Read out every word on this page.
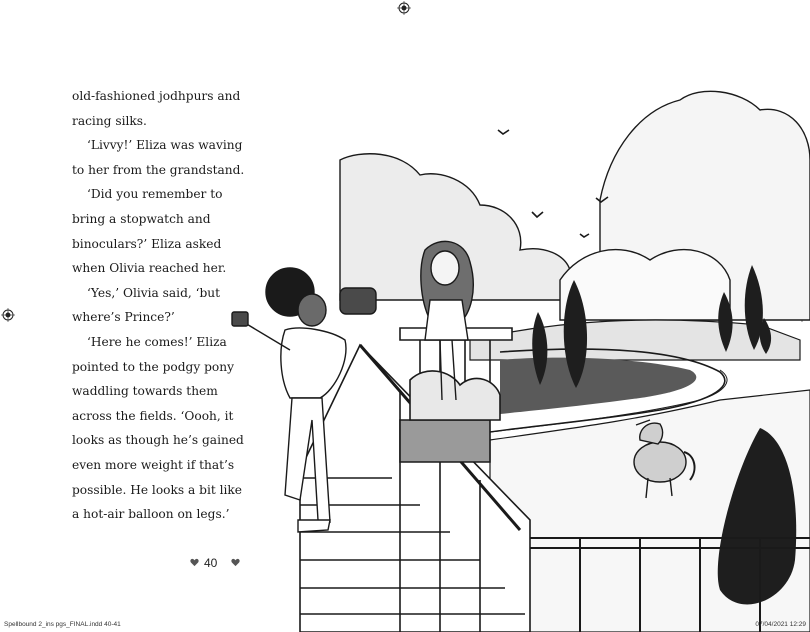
old-fashioned jodhpurs and
racing silks.
‘Livvy!’ Eliza was waving
to her from the grandstand.
‘Did you remember to
bring a stopwatch and
binoculars?’ Eliza asked
when Olivia reached her.
‘Yes,’ Olivia said, ‘but
where’s Prince?’
‘Here he comes!’ Eliza
pointed to the podgy pony
waddling towards them
across the fields. ‘Oooh, it
looks as though he’s gained
even more weight if that’s
possible. He looks a bit like
a hot-air balloon on legs.’
40
Spellbound 2_ins pgs_FINAL.indd 40-41	07/04/2021 12:29
